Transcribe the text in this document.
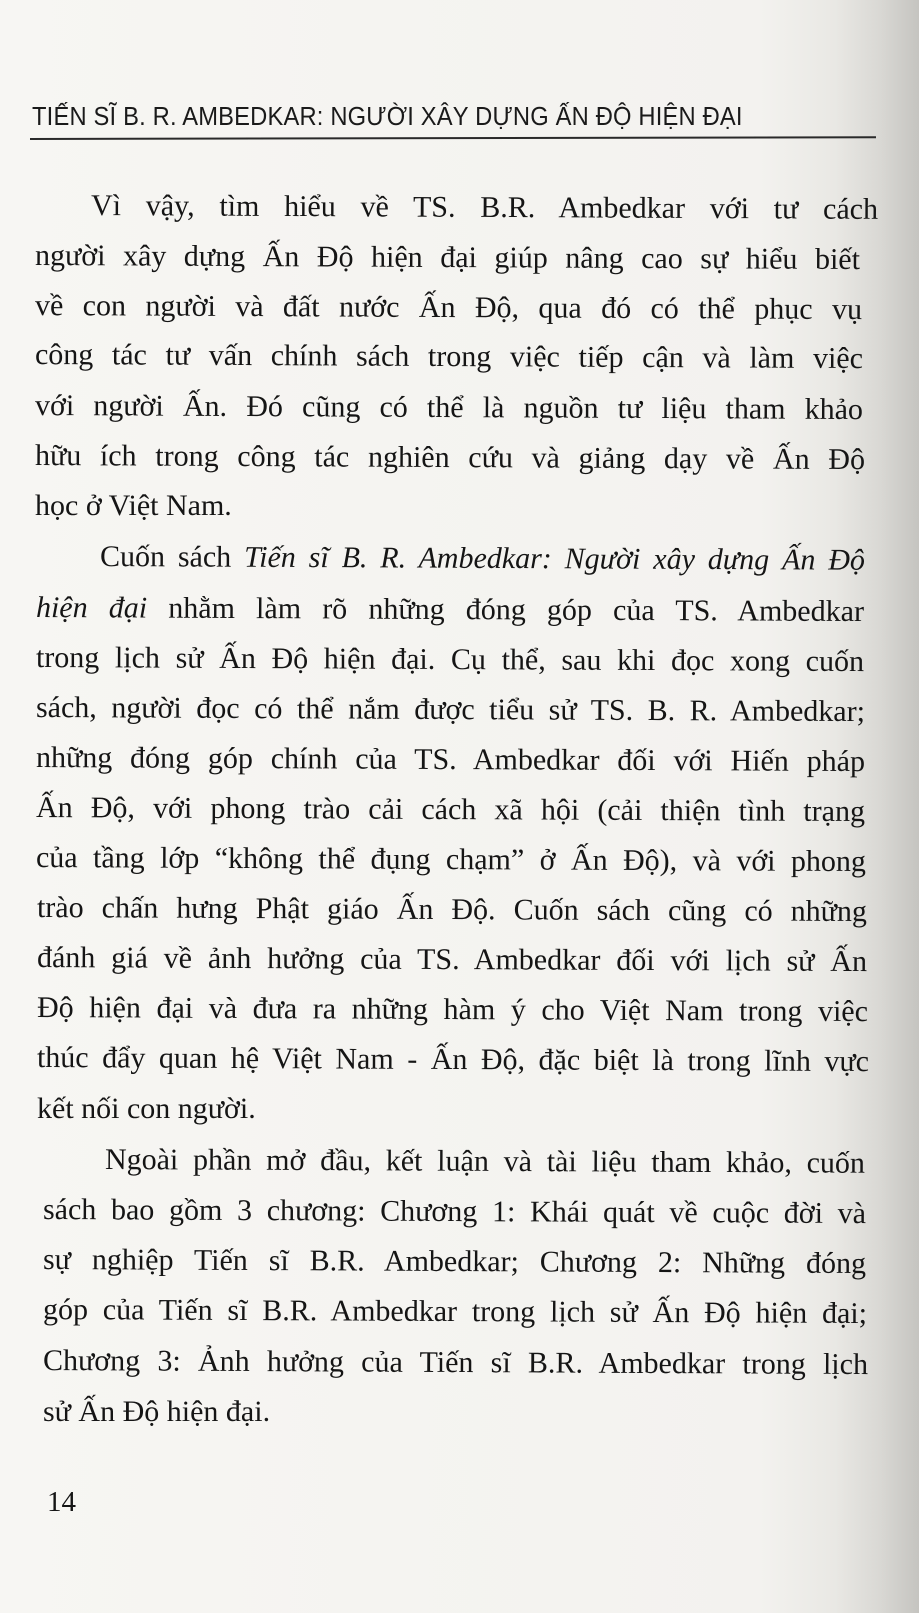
TIẾN SĨ B. R. AMBEDKAR: NGƯỜI XÂY DỰNG ẤN ĐỘ HIỆN ĐẠI
Vì vậy, tìm hiểu về TS. B.R. Ambedkar với tư cách
người xây dựng Ấn Độ hiện đại giúp nâng cao sự hiểu biết
về con người và đất nước Ấn Độ, qua đó có thể phục vụ
công tác tư vấn chính sách trong việc tiếp cận và làm việc
với người Ấn. Đó cũng có thể là nguồn tư liệu tham khảo
hữu ích trong công tác nghiên cứu và giảng dạy về Ấn Độ
học ở Việt Nam.
Cuốn sách Tiến sĩ B. R. Ambedkar: Người xây dựng Ấn Độ
hiện đại nhằm làm rõ những đóng góp của TS. Ambedkar
trong lịch sử Ấn Độ hiện đại. Cụ thể, sau khi đọc xong cuốn
sách, người đọc có thể nắm được tiểu sử TS. B. R. Ambedkar;
những đóng góp chính của TS. Ambedkar đối với Hiến pháp
Ấn Độ, với phong trào cải cách xã hội (cải thiện tình trạng
của tầng lớp “không thể đụng chạm” ở Ấn Độ), và với phong
trào chấn hưng Phật giáo Ấn Độ. Cuốn sách cũng có những
đánh giá về ảnh hưởng của TS. Ambedkar đối với lịch sử Ấn
Độ hiện đại và đưa ra những hàm ý cho Việt Nam trong việc
thúc đẩy quan hệ Việt Nam - Ấn Độ, đặc biệt là trong lĩnh vực
kết nối con người.
Ngoài phần mở đầu, kết luận và tài liệu tham khảo, cuốn
sách bao gồm 3 chương: Chương 1: Khái quát về cuộc đời và
sự nghiệp Tiến sĩ B.R. Ambedkar; Chương 2: Những đóng
góp của Tiến sĩ B.R. Ambedkar trong lịch sử Ấn Độ hiện đại;
Chương 3: Ảnh hưởng của Tiến sĩ B.R. Ambedkar trong lịch
sử Ấn Độ hiện đại.
14
